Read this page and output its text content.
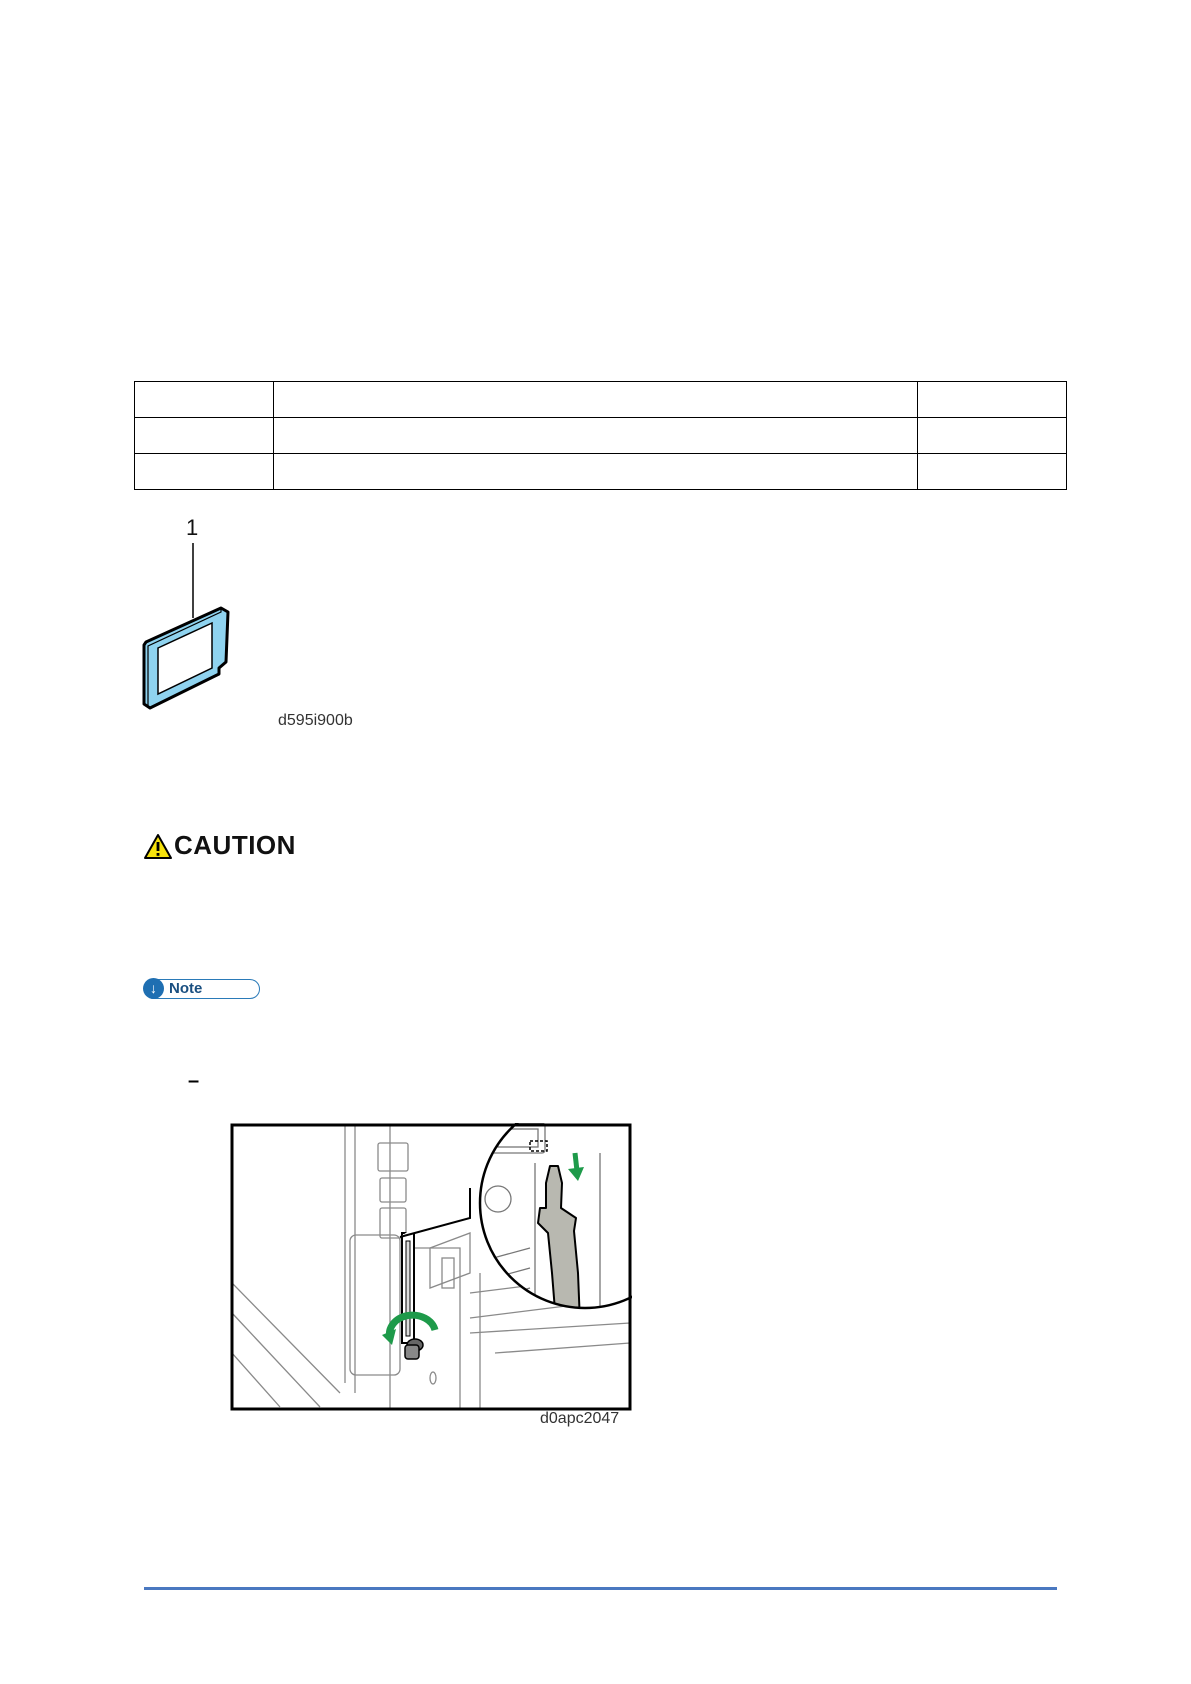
1
d595i900b
CAUTION
↓ Note
–
d0apc2047
